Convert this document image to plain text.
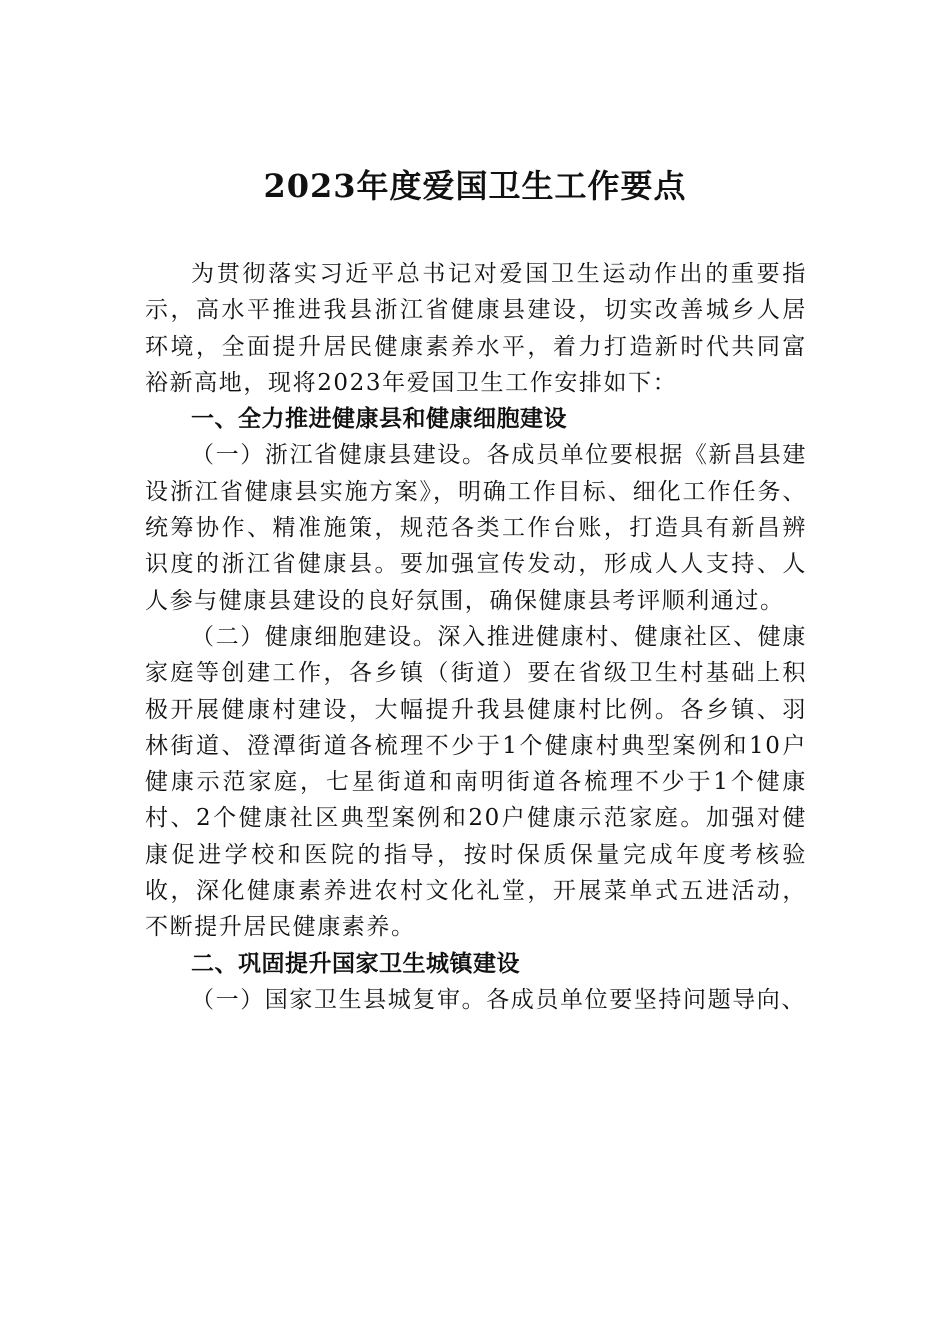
2023年度爱国卫生工作要点

为贯彻落实习近平总书记对爱国卫生运动作出的重要指示，高水平推进我县浙江省健康县建设，切实改善城乡人居环境，全面提升居民健康素养水平，着力打造新时代共同富裕新高地，现将2023年爱国卫生工作安排如下：

一、全力推进健康县和健康细胞建设

（一）浙江省健康县建设。各成员单位要根据《新昌县建设浙江省健康县实施方案》，明确工作目标、细化工作任务、统筹协作、精准施策，规范各类工作台账，打造具有新昌辨识度的浙江省健康县。要加强宣传发动，形成人人支持、人人参与健康县建设的良好氛围，确保健康县考评顺利通过。

（二）健康细胞建设。深入推进健康村、健康社区、健康家庭等创建工作，各乡镇（街道）要在省级卫生村基础上积极开展健康村建设，大幅提升我县健康村比例。各乡镇、羽林街道、澄潭街道各梳理不少于1个健康村典型案例和10户健康示范家庭，七星街道和南明街道各梳理不少于1个健康村、2个健康社区典型案例和20户健康示范家庭。加强对健康促进学校和医院的指导，按时保质保量完成年度考核验收，深化健康素养进农村文化礼堂，开展菜单式五进活动，不断提升居民健康素养。

二、巩固提升国家卫生城镇建设

（一）国家卫生县城复审。各成员单位要坚持问题导向、
